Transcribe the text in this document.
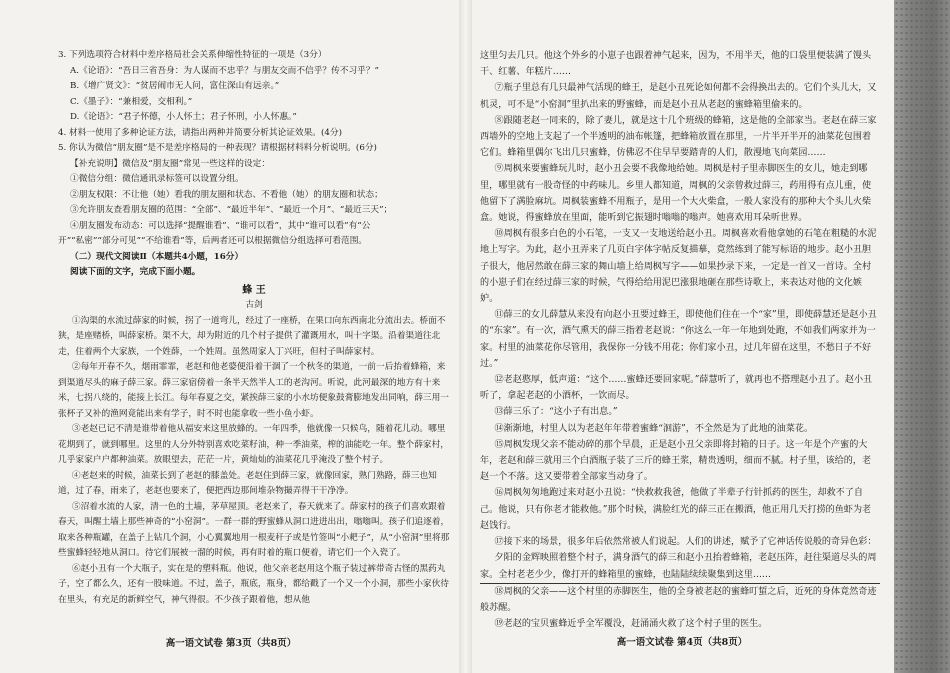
3. 下列选项符合材料中差序格局社会关系伸缩性特征的一项是（3分）

A.《论语》：“吾日三省吾身：为人谋而不忠乎？与朋友交而不信乎？传不习乎？”

B.《增广贤文》：“贫居闹市无人问，富住深山有远亲。”

C.《墨子》：“兼相爱，交相利。”

D.《论语》：“君子怀德，小人怀土；君子怀刑，小人怀惠。”

4. 材料一使用了多种论证方法，请指出两种并简要分析其论证效果。(4分)

5. 你认为微信“朋友圈”是不是差序格局的一种表现？请根据材料料分析说明。(6分)

【补充说明】微信及“朋友圈”常见一些这样的设定：

①微信分组：微信通讯录标签可以设置分组。

②朋友权限：不让他（她）看我的朋友圈和状态、不看他（她）的朋友圈和状态；

③允许朋友查看朋友圈的范围：“全部”、“最近半年”、“最近一个月”、“最近三天”；

④朋友圈发布动态：可以选择“提醒谁看”、“谁可以看”，其中“谁可以看”有“公

开”“私密”“部分可见”“不给谁看”等，后两者还可以根据微信分组选择可看范围。

（二）现代文阅读Ⅱ（本题共4小题，16分）

阅读下面的文字，完成下面小题。

蜂 王

古剑

①沟渠的水流过薛家的时候，拐了一道弯儿，经过了一座桥，在果口向东西南北分流出去。桥面不狭，是座赌桥，叫薛家桥。渠不大，却为附近的几个村子提供了灌溉用水，叫十字渠。沿着渠道往北走，住着两个大家族，一个姓薛，一个姓周。虽然周家人丁兴旺，但村子叫薛家村。

②每年开春不久，烟雨霏霏，老赵和他老婆便沿着干涸了一个秋冬的渠道，一前一后抬着蜂箱，来到渠道尽头的麻子薛三家。薛三家宿傍着一条半天然半人工的老沟河。听说，此河最深的地方有十来米，七拐八绕的，能接上长江。每年春夏之交，紧挨薛三家的小水坊便象鼓膏膨地发出同响，薛三用一张杯子又补的渔网竟能出来有学子，时不时也能拿收一些小鱼小虾。

③老赵已记不清是谁带着他从福安来这里放蜂的。一年四季，他就像一只候鸟，随着花儿动。哪里花期到了，就到哪里。这里的人分外特别喜欢吃菜籽油，种一季油菜，榨的油能吃一年。整个薛家村，几乎家家户户都种油菜。放眼望去，茫茫一片，黄灿灿的油菜花几乎淹没了整个村子。

④老赵来的时候，油菜长到了老赵的膝盖处。老赵住到薛三家，就像回家，熟门熟路，薛三也知道，过了春，雨来了，老赵也要来了，便把西边那间堆杂物撮弄得干干净净。

⑤沼着水流的人家，清一色的土墙，茅草屋顶。老赵来了，春天就来了。薛家村的孩子们喜欢跟着春天，叫醒土墙上那些神奇的“小窑洞”。一群一群的野蜜蜂从洞口进进出出，嗡嗡叫。孩子们追逐着，取来各种瓶罐，在盖子上钻几个洞，小心翼翼地用一根麦秆子或是竹签叫“小耙子”，从“小窑洞”里将那些蜜蜂轻轻地从洞口。待它们展被一溜的时候，再有时着的瓶口便着，请它们一个入瓷了。

⑥赵小丑有一个大瓶子，实在是的塑料瓶。他说，他父亲老赵用这个瓶子装过裤带奇古怪的黑药丸子，空了都么久，还有一股味道。不过，盖子，瓶底，瓶身，都给戳了一个又一个小洞，那些小家伙待在里头，有充足的新鲜空气，神气得很。不少孩子跟着他，想从他

高一语文试卷 第3页（共8页）

这里匀去几只。他这个外乡的小崽子也跟着神气起来，因为，不用半天，他的口袋里便装满了馒头干、红薯、年糕片……

⑦瓶子里总有几只最神气活现的蜂王，是赵小丑死论如何都不会得换出去的。它们个头儿大，又机灵，可不是“小窑洞”里扒出来的野蜜蜂，而是赵小丑从老赵的蜜蜂箱里偷来的。

⑧跟随老赵一同来的，除了妻儿，就是这十几个班级的蜂箱，这是他的全部家当。老赵在薛三家西墙外的空地上支起了一个半透明的油布帐篷，把蜂箱放置在那里，一片半开半开的油菜花包围着它们。蜂箱里偶尔飞出几只蜜蜂，仿佛忍不住早早要踏青的人们，散漫地飞向菜园……

⑨周枫来要蜜蜂玩儿时，赵小丑会要不我像地给她。周枫是村子里赤脚医生的女儿，她走到哪里，哪里就有一股奇怪的中药味儿。乡里人都知道，周枫的父亲曾救过薛三，药用得有点儿重，使他留下了满脸麻坑。周枫装蜜蜂不用瓶子，是用一个大火柴盒，一般人家没有的那种大个头儿火柴盒。她说，得蜜蜂放在里面，能听到它振翅时嗡嗡的嗡声。她喜欢用耳朵听世界。

⑩周枫有很多白色的小石笔，一支又一支地送给赵小丑。周枫喜欢看他拿她的石笔在粗糙的水泥地上写字。为此，赵小丑弄来了几页白字体字帖反复描摹，竟然练到了能写标语的地步。赵小丑胆子很大，他居然敢在薛三家的舞山墙上给周枫写字——如果抄录下来，一定是一首又一首诗。全村的小崽子们在经过薛三家的时候，气得给给用泥巴涨狠地砸在那些诗歌上，来表达对他的文化嫉妒。

⑪薛三的女儿薛慧从来没有向赵小丑要过蜂王，即使他们住在一个“家”里，即使薛慧还是赵小丑的“东家”。有一次，酒气熏天的薛三指着老赵说：“你这么一年一年地到处跑，不如我们两家并为一家。村里的油菜花你尽管用，我保你一分钱不用花；你们家小丑，过几年留在这里，不愁日子不好过。”

⑫老赵憨厚，低声道：“这个……蜜蜂还要回家呢。”薛慧听了，就再也不搭理赵小丑了。赵小丑听了，拿起老赵的小酒杯，一饮而尽。

⑬薛三乐了：“这小子有出息。”

⑭渐渐地，村里人以为老赵年年带着蜜蜂“洄游”，不全然是为了此地的油菜花。

⑮周枫发现父亲不能动碎的那个早晨，正是赵小丑父亲即将封箱的日子。这一年是个产蜜的大年，老赵和薛三就用三个白酒瓶子装了三斤的蜂王浆，精贵透明，细而不腻。村子里，该给的，老赵一个不落。这又要带着全部家当动身了。

⑯周枫匆匆地跑过来对赵小丑说：“快救救我爸，他做了半辈子行针抓药的医生，却救不了自己。他说，只有你老才能救他。”那个时候，满脸红光的薛三正在搬酒，他正用几天打捞的鱼虾为老赵饯行。

⑰接下来的场景，很多年后依然常被人们说起。人们的讲述，赋予了它神话传说般的奇异色彩：

夕阳的金辉映照着整个村子，满身酒气的薛三和赵小丑抬着蜂箱，老赵压阵，赶往渠道尽头的周家。全村老老少少，像打开的蜂箱里的蜜蜂，也陆陆续续聚集到这里……

⑱周枫的父亲——这个村里的赤脚医生，他的全身被老赵的蜜蜂叮蜇之后，近死的身体竟然奇迹般苏醒。

⑲老赵的宝贝蜜蜂近乎全军覆没，赶涌涌火救了这个村子里的医生。

高一语文试卷 第4页（共8页）
